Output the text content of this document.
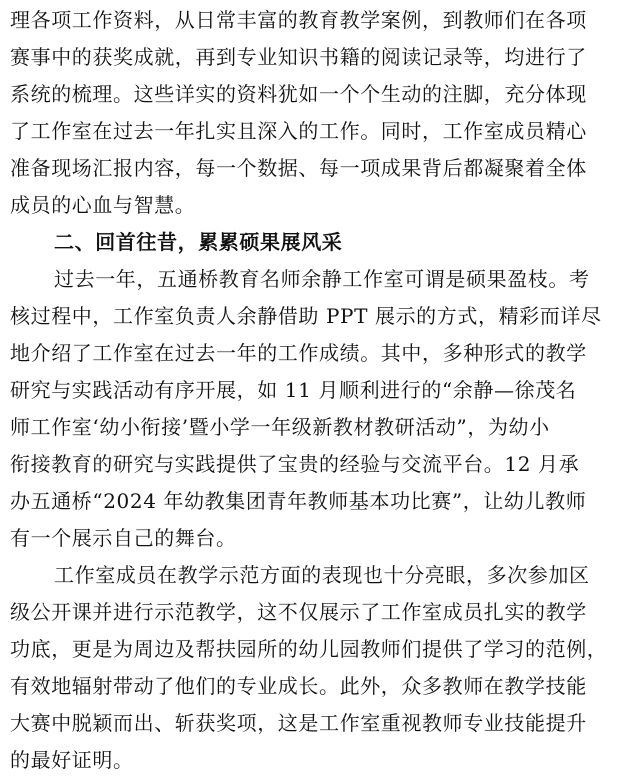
理各项工作资料，从日常丰富的教育教学案例，到教师们在各项
赛事中的获奖成就，再到专业知识书籍的阅读记录等，均进行了
系统的梳理。这些详实的资料犹如一个个生动的注脚，充分体现
了工作室在过去一年扎实且深入的工作。同时，工作室成员精心
准备现场汇报内容，每一个数据、每一项成果背后都凝聚着全体
成员的心血与智慧。
二、回首往昔，累累硕果展风采
过去一年，五通桥教育名师余静工作室可谓是硕果盈枝。考
核过程中，工作室负责人余静借助 PPT 展示的方式，精彩而详尽
地介绍了工作室在过去一年的工作成绩。其中，多种形式的教学
研究与实践活动有序开展，如 11 月顺利进行的“余静—徐茂名
师工作室‘幼小衔接’暨小学一年级新教材教研活动”，为幼小
衔接教育的研究与实践提供了宝贵的经验与交流平台。12 月承
办五通桥“2024 年幼教集团青年教师基本功比赛”，让幼儿教师
有一个展示自己的舞台。
工作室成员在教学示范方面的表现也十分亮眼，多次参加区
级公开课并进行示范教学，这不仅展示了工作室成员扎实的教学
功底，更是为周边及帮扶园所的幼儿园教师们提供了学习的范例，
有效地辐射带动了他们的专业成长。此外，众多教师在教学技能
大赛中脱颖而出、斩获奖项，这是工作室重视教师专业技能提升
的最好证明。
